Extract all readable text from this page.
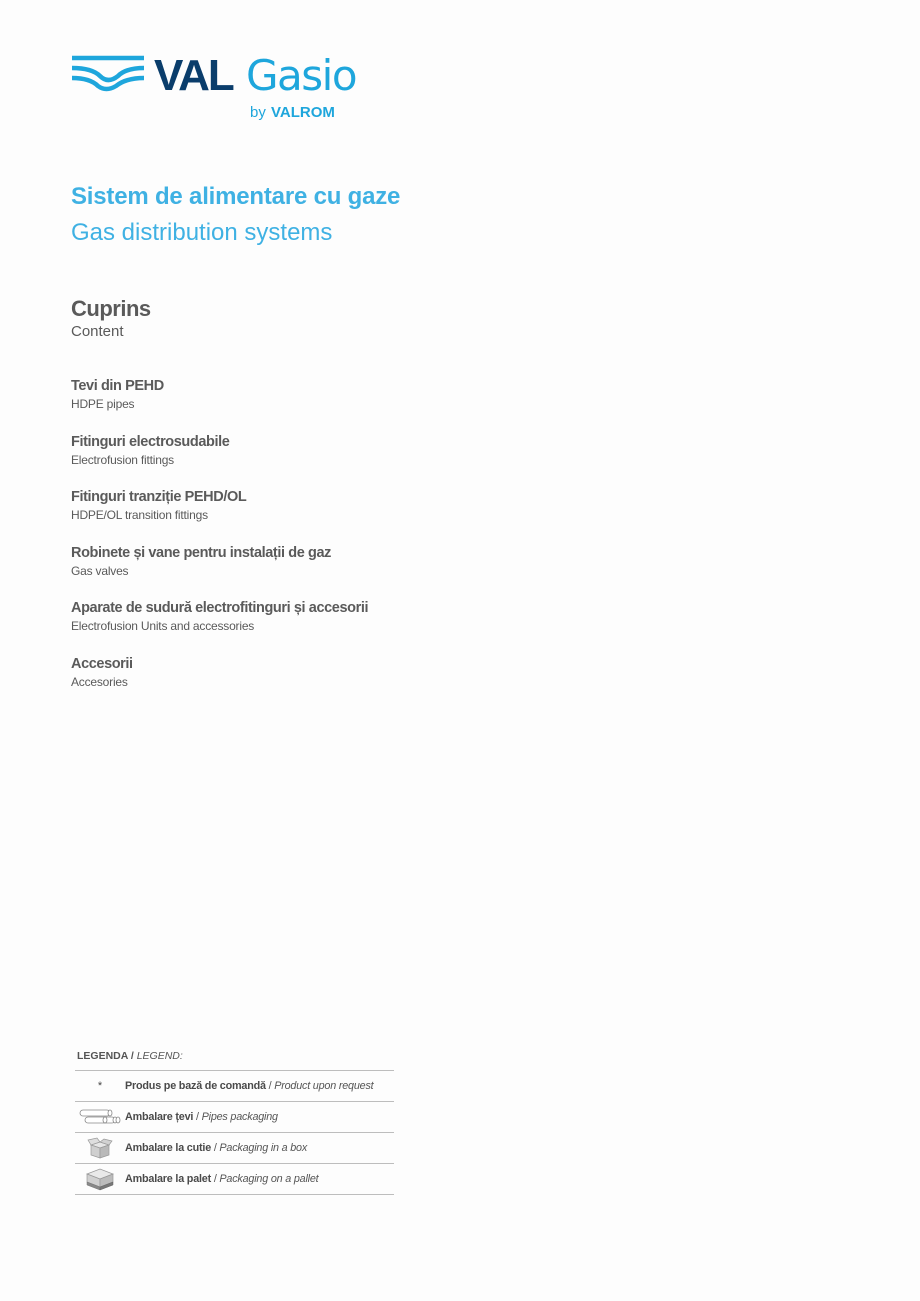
VAL Gasio
by VALROM
Sistem de alimentare cu gaze
Gas distribution systems
Cuprins
Content
Tevi din PEHD
HDPE pipes
Fitinguri electrosudabile
Electrofusion fittings
Fitinguri tranziție PEHD/OL
HDPE/OL transition fittings
Robinete și vane pentru instalații de gaz
Gas valves
Aparate de sudură electrofitinguri și accesorii
Electrofusion Units and accessories
Accesorii
Accesories
LEGENDA / LEGEND:
*	Produs pe bază de comandă / Product upon request
Ambalare țevi / Pipes packaging
Ambalare la cutie / Packaging in a box
Ambalare la palet / Packaging on a pallet
